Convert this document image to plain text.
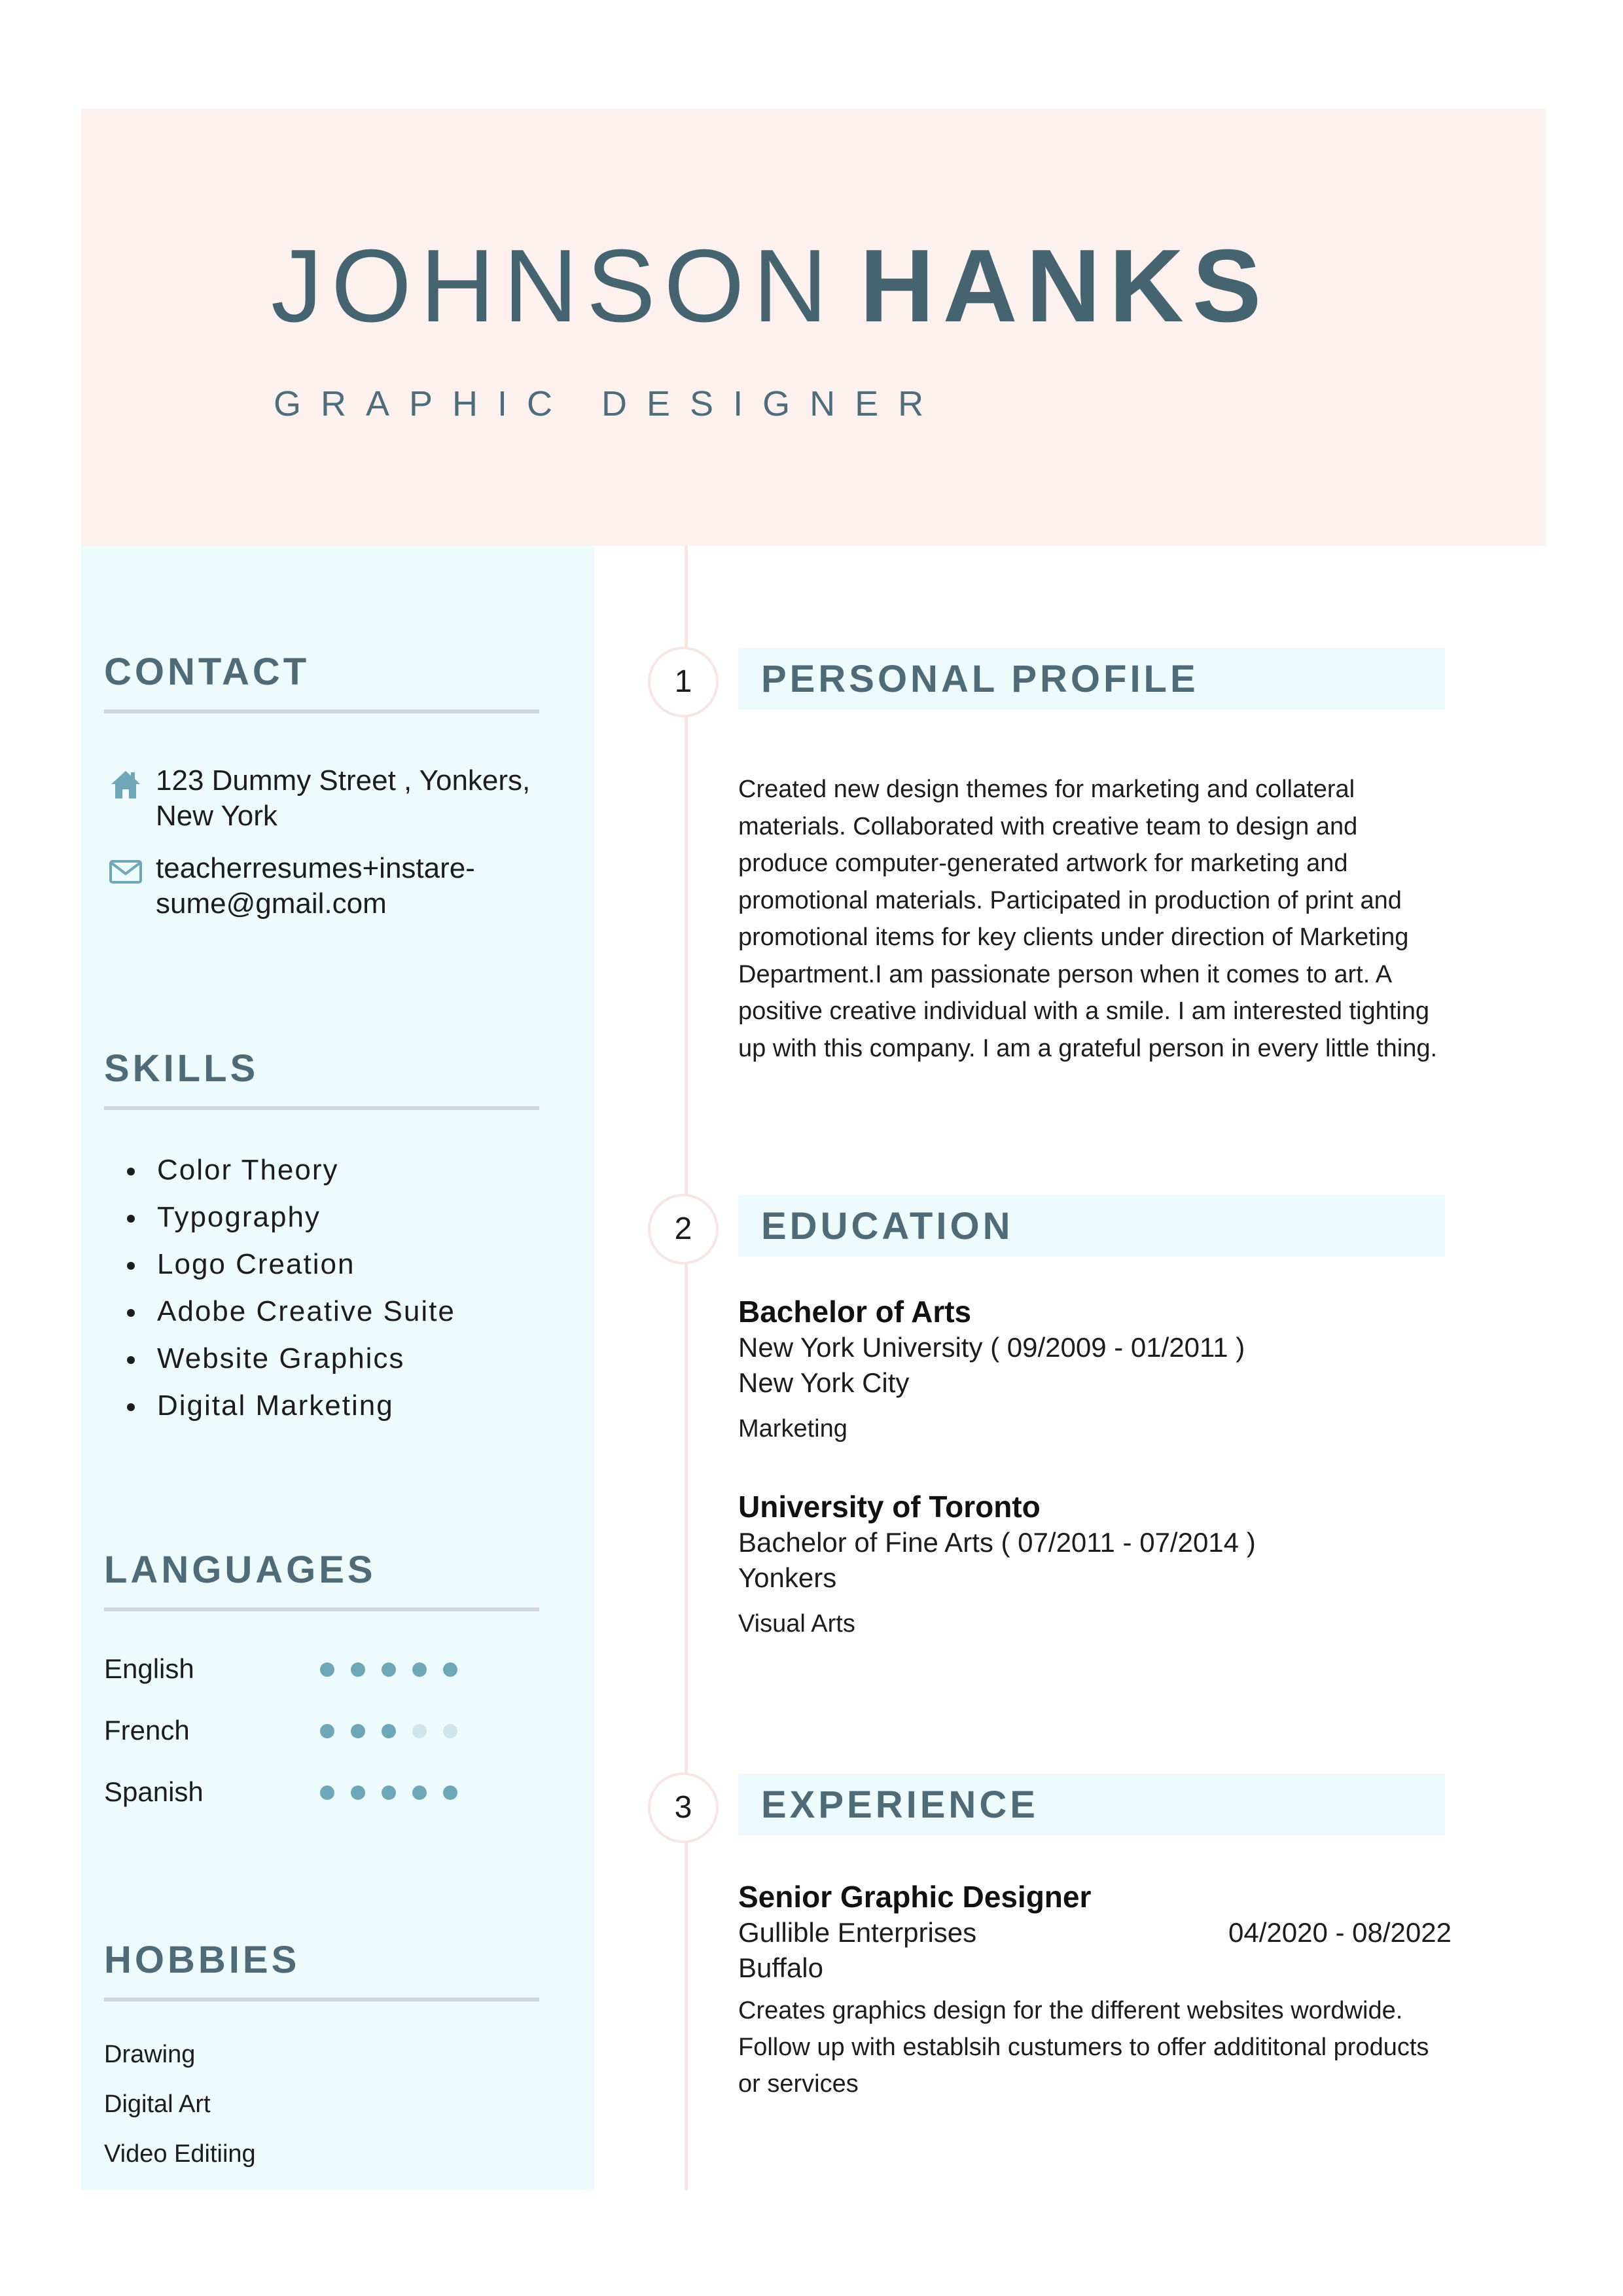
JOHNSON HANKS
GRAPHIC DESIGNER
CONTACT
123 Dummy Street , Yonkers,
New York
teacherresumes+instare-
sume@gmail.com
SKILLS
Color Theory
Typography
Logo Creation
Adobe Creative Suite
Website Graphics
Digital Marketing
LANGUAGES
English
French
Spanish
HOBBIES
Drawing
Digital Art
Video Editiing
1
2
3
PERSONAL PROFILE

Created new design themes for marketing and collateral materials. Collaborated with creative team to design and produce computer-generated artwork for marketing and promotional materials. Participated in production of print and promotional items for key clients under direction of Marketing Department.I am passionate person when it comes to art. A positive creative individual with a smile. I am interested tighting up with this company. I am a grateful person in every little thing.

EDUCATION
Bachelor of Arts
New York University ( 09/2009 - 01/2011 )
New York City
Marketing
University of Toronto
Bachelor of Fine Arts ( 07/2011 - 07/2014 )
Yonkers
Visual Arts
EXPERIENCE
Senior Graphic Designer
Gullible Enterprises	04/2020 - 08/2022
Buffalo
Creates graphics design for the different websites wordwide. Follow up with establsih custumers to offer addititonal products or services
